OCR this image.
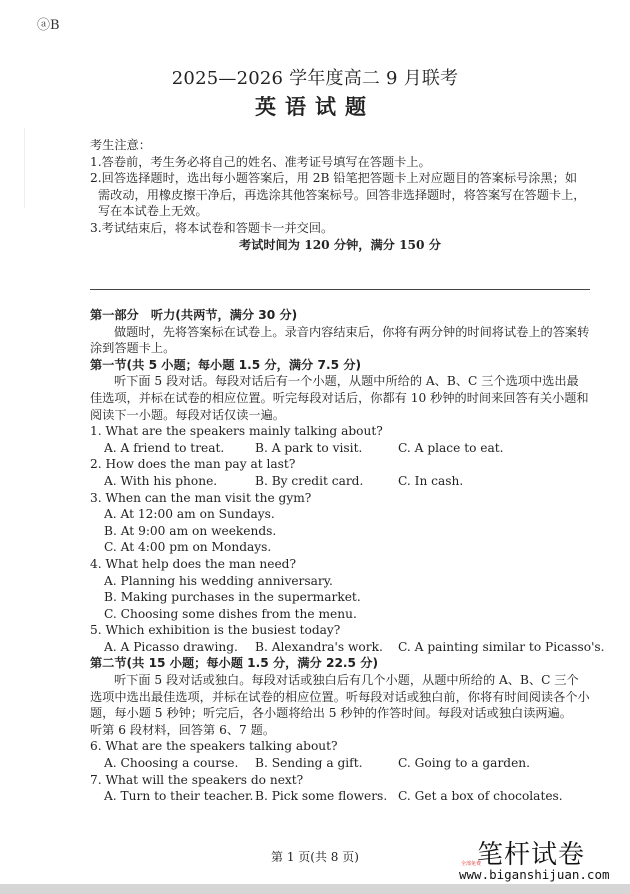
ⓐB
2025—2026 学年度高二 9 月联考
英语试题
考生注意：
1.答卷前，考生务必将自己的姓名、准考证号填写在答题卡上。
2.回答选择题时，选出每小题答案后，用 2B 铅笔把答题卡上对应题目的答案标号涂黑；如
需改动，用橡皮擦干净后，再选涂其他答案标号。回答非选择题时，将答案写在答题卡上，
写在本试卷上无效。
3.考试结束后，将本试卷和答题卡一并交回。
考试时间为 120 分钟，满分 150 分
第一部分　听力(共两节，满分 30 分)
做题时，先将答案标在试卷上。录音内容结束后，你将有两分钟的时间将试卷上的答案转涂到答题卡上。
第一节(共 5 小题；每小题 1.5 分，满分 7.5 分)
听下面 5 段对话。每段对话后有一个小题，从题中所给的 A、B、C 三个选项中选出最佳选项，并标在试卷的相应位置。听完每段对话后，你都有 10 秒钟的时间来回答有关小题和阅读下一小题。每段对话仅读一遍。
1. What are the speakers mainly talking about?
A. A friend to treat.	B. A park to visit.	C. A place to eat.
2. How does the man pay at last?
A. With his phone.	B. By credit card.	C. In cash.
3. When can the man visit the gym?
A. At 12:00 am on Sundays.
B. At 9:00 am on weekends.
C. At 4:00 pm on Mondays.
4. What help does the man need?
A. Planning his wedding anniversary.
B. Making purchases in the supermarket.
C. Choosing some dishes from the menu.
5. Which exhibition is the busiest today?
A. A Picasso drawing.	B. Alexandra's work.	C. A painting similar to Picasso's.
第二节(共 15 小题；每小题 1.5 分，满分 22.5 分)
听下面 5 段对话或独白。每段对话或独白后有几个小题，从题中所给的 A、B、C 三个选项中选出最佳选项，并标在试卷的相应位置。听每段对话或独白前，你将有时间阅读各个小题，每小题 5 秒钟；听完后，各小题将给出 5 秒钟的作答时间。每段对话或独白读两遍。
听第 6 段材料，回答第 6、7 题。
6. What are the speakers talking about?
A. Choosing a course.	B. Sending a gift.	C. Going to a garden.
7. What will the speakers do next?
A. Turn to their teacher. B. Pick some flowers. C. Get a box of chocolates.
第 1 页(共 8 页)	笔杆试卷
全部免费
www.biganshijuan.com
